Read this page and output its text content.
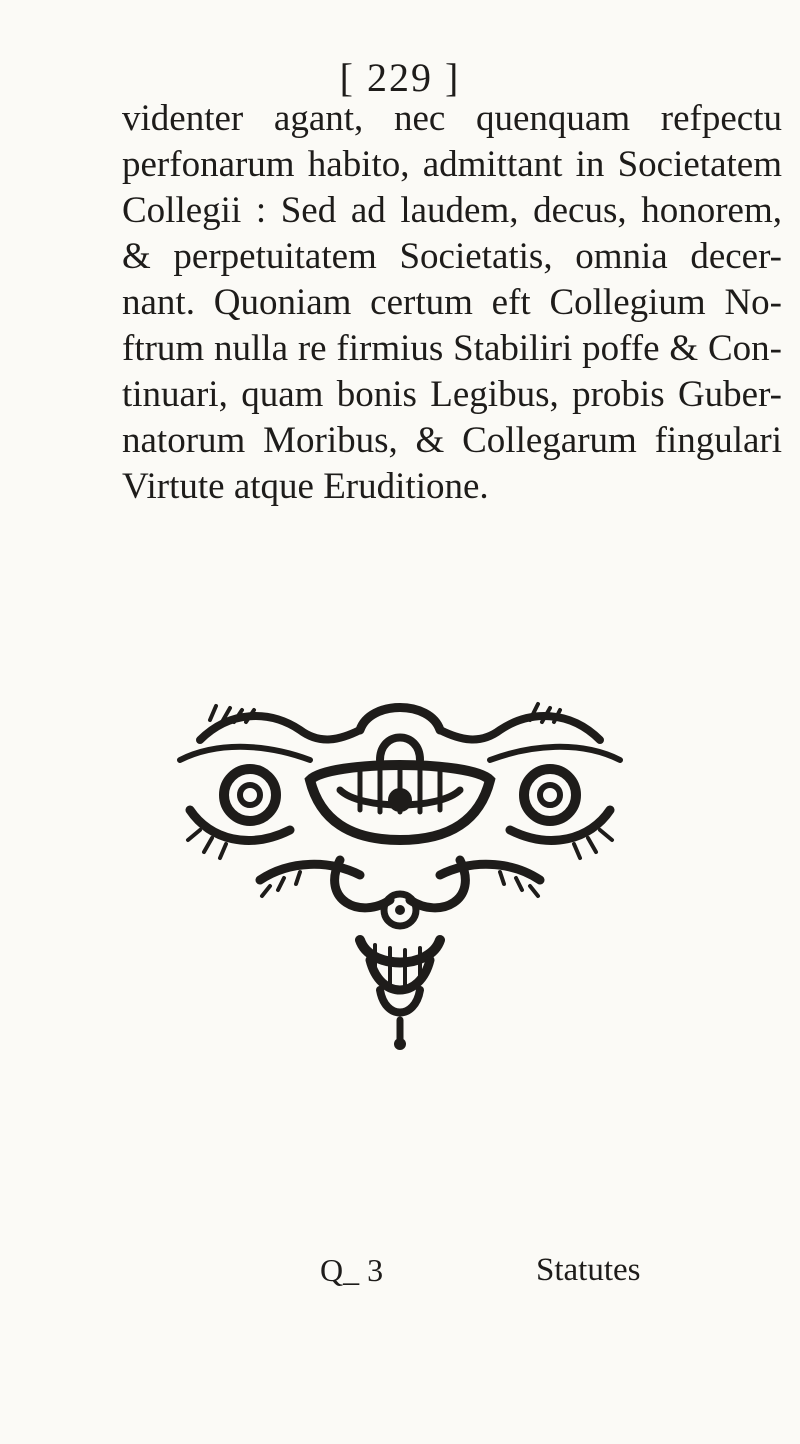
[ 229 ]
videnter agant, nec quenquam refpectu
perfonarum habito, admittant in Societatem
Collegii : Sed ad laudem, decus, honorem,
& perpetuitatem Societatis, omnia decer-
nant. Quoniam certum eft Collegium No-
ftrum nulla re firmius Stabiliri poffe & Con-
tinuari, quam bonis Legibus, probis Guber-
natorum Moribus, & Collegarum fingulari
Virtute atque Eruditione.
Q_ 3	Statutes
